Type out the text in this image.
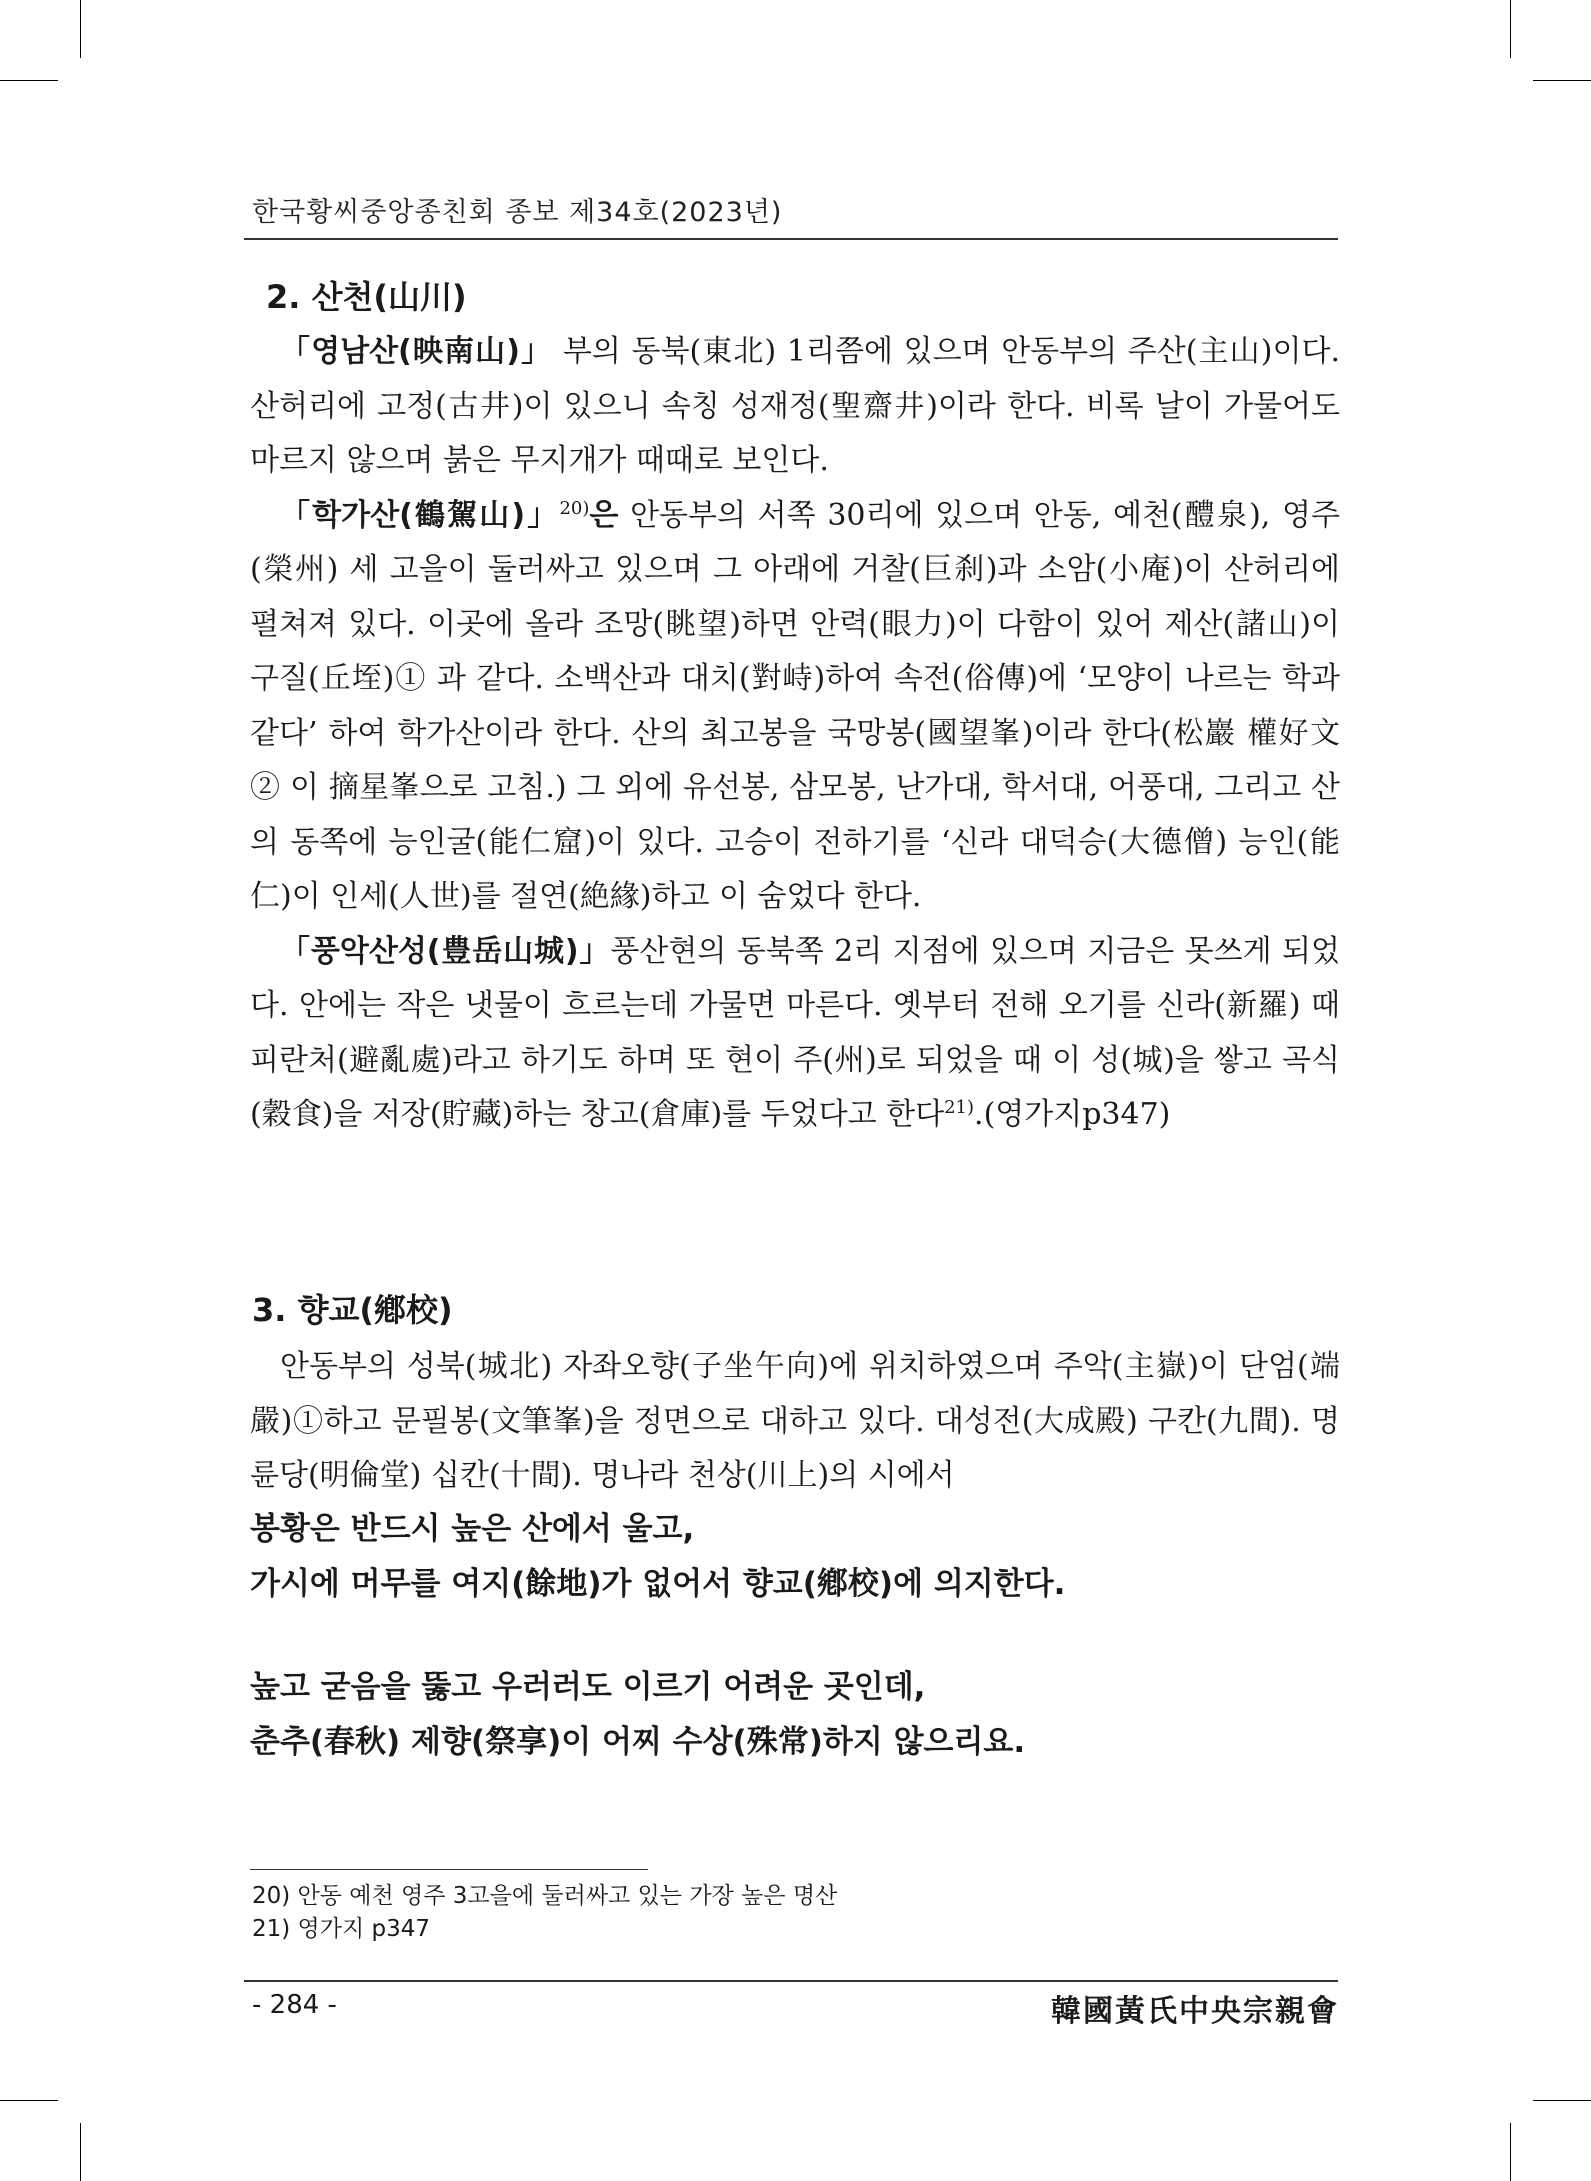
한국황씨중앙종친회 종보 제34호(2023년)
2. 산천(山川)

「영남산(映南山)」 부의 동북(東北) 1리쯤에 있으며 안동부의 주산(主山)이다. 산허리에 고정(古井)이 있으니 속칭 성재정(聖齋井)이라 한다. 비록 날이 가물어도 마르지 않으며 붉은 무지개가 때때로 보인다.

「학가산(鶴駕山)」$^{20)}$은 안동부의 서쪽 30리에 있으며 안동, 예천(醴泉), 영주(榮州) 세 고을이 둘러싸고 있으며 그 아래에 거찰(巨刹)과 소암(小庵)이 산허리에 펼쳐져 있다. 이곳에 올라 조망(眺望)하면 안력(眼力)이 다함이 있어 제산(諸山)이 구질(丘垤)① 과 같다. 소백산과 대치(對峙)하여 속전(俗傳)에 ‘모양이 나르는 학과 같다’ 하여 학가산이라 한다. 산의 최고봉을 국망봉(國望峯)이라 한다(松巖 權好文② 이 摘星峯으로 고침.) 그 외에 유선봉, 삼모봉, 난가대, 학서대, 어풍대, 그리고 산의 동쪽에 능인굴(能仁窟)이 있다. 고승이 전하기를 ‘신라 대덕승(大德僧) 능인(能仁)이 인세(人世)를 절연(絶緣)하고 이 숨었다 한다.

「풍악산성(豊岳山城)」풍산현의 동북쪽 2리 지점에 있으며 지금은 못쓰게 되었다. 안에는 작은 냇물이 흐르는데 가물면 마른다. 옛부터 전해 오기를 신라(新羅) 때 피란처(避亂處)라고 하기도 하며 또 현이 주(州)로 되었을 때 이 성(城)을 쌓고 곡식(穀食)을 저장(貯藏)하는 창고(倉庫)를 두었다고 한다$^{21)}$.(영가지p347)

3. 향교(鄕校)

안동부의 성북(城北) 자좌오향(子坐午向)에 위치하였으며 주악(主嶽)이 단엄(端嚴)①하고 문필봉(文筆峯)을 정면으로 대하고 있다. 대성전(大成殿) 구칸(九間). 명륜당(明倫堂) 십칸(十間). 명나라 천상(川上)의 시에서

봉황은 반드시 높은 산에서 울고,
가시에 머무를 여지(餘地)가 없어서 향교(鄕校)에 의지한다.
높고 굳음을 뚫고 우러러도 이르기 어려운 곳인데,
춘추(春秋) 제향(祭享)이 어찌 수상(殊常)하지 않으리요.
20) 안동 예천 영주 3고을에 둘러싸고 있는 가장 높은 명산
21) 영가지 p347
- 284 -	韓國黃氏中央宗親會
